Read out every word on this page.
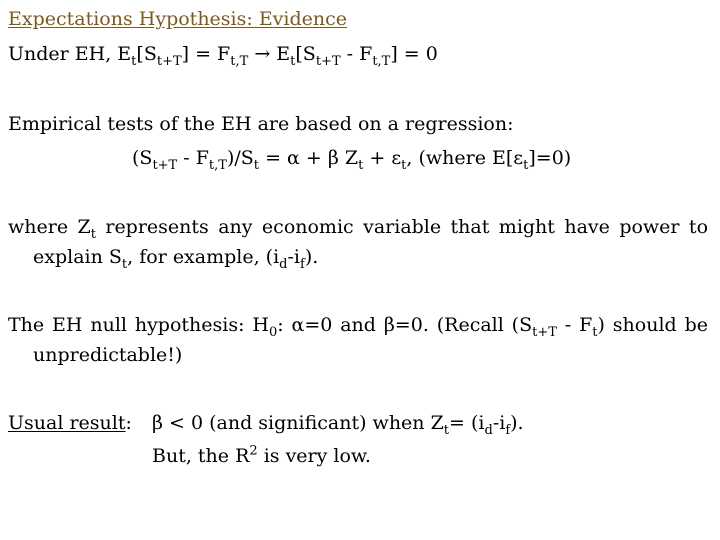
Expectations Hypothesis: Evidence
Under EH, $E_t[S_{t+T}] = F_{t,T} \to E_t[S_{t+T} - F_{t,T}] = 0$
Empirical tests of the EH are based on a regression:
$(S_{t+T} - F_{t,T})/S_t = \alpha + \beta$ $Z_t + \varepsilon_t$, (where $E[\varepsilon_t]=0$)
where $Z_t$ represents any economic variable that might have power to
explain $S_t$, for example, $(i_d-i_f)$.
The EH null hypothesis: $H_0$: α=0 and β=0. (Recall $(S_{t+T} - F_t)$ should be
unpredictable!)
Usual result: β < 0 (and significant) when $Z_t= (i_d-i_f)$.
But, the $R^2$ is very low.
